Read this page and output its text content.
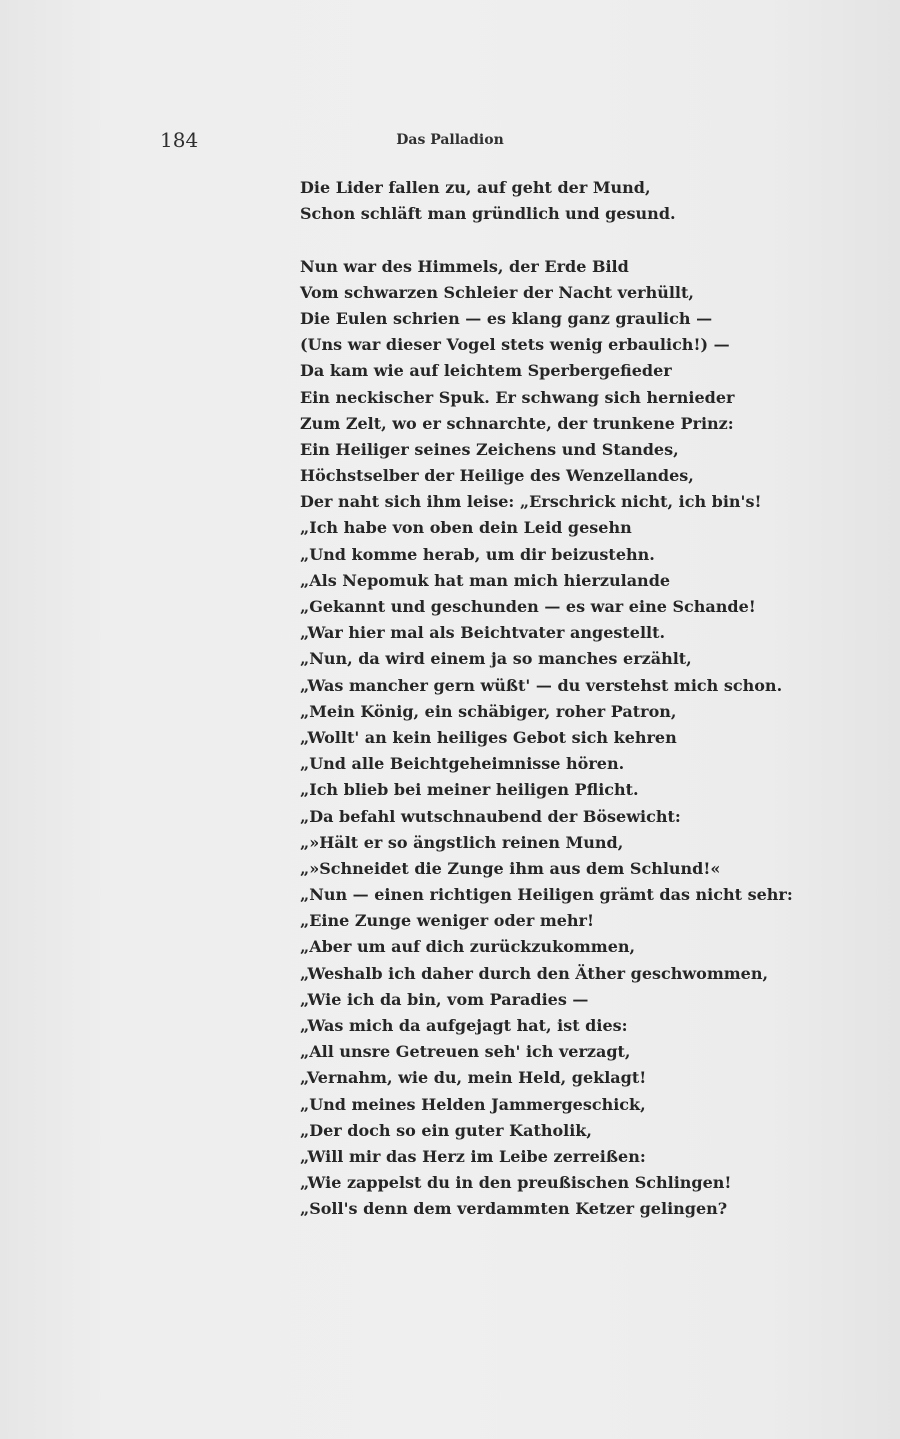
184	Das Palladion
Die Lider fallen zu, auf geht der Mund,
Schon schläft man gründlich und gesund.
Nun war des Himmels, der Erde Bild
Vom schwarzen Schleier der Nacht verhüllt,
Die Eulen schrien — es klang ganz graulich —
(Uns war dieser Vogel stets wenig erbaulich!) —
Da kam wie auf leichtem Sperbergefieder
Ein neckischer Spuk. Er schwang sich hernieder
Zum Zelt, wo er schnarchte, der trunkene Prinz:
Ein Heiliger seines Zeichens und Standes,
Höchstselber der Heilige des Wenzellandes,
Der naht sich ihm leise: „Erschrick nicht, ich bin's!
„Ich habe von oben dein Leid gesehn
„Und komme herab, um dir beizustehn.
„Als Nepomuk hat man mich hierzulande
„Gekannt und geschunden — es war eine Schande!
„War hier mal als Beichtvater angestellt.
„Nun, da wird einem ja so manches erzählt,
„Was mancher gern wüßt' — du verstehst mich schon.
„Mein König, ein schäbiger, roher Patron,
„Wollt' an kein heiliges Gebot sich kehren
„Und alle Beichtgeheimnisse hören.
„Ich blieb bei meiner heiligen Pflicht.
„Da befahl wutschnaubend der Bösewicht:
„»Hält er so ängstlich reinen Mund,
„»Schneidet die Zunge ihm aus dem Schlund!«
„Nun — einen richtigen Heiligen grämt das nicht sehr:
„Eine Zunge weniger oder mehr!
„Aber um auf dich zurückzukommen,
„Weshalb ich daher durch den Äther geschwommen,
„Wie ich da bin, vom Paradies —
„Was mich da aufgejagt hat, ist dies:
„All unsre Getreuen seh' ich verzagt,
„Vernahm, wie du, mein Held, geklagt!
„Und meines Helden Jammergeschick,
„Der doch so ein guter Katholik,
„Will mir das Herz im Leibe zerreißen:
„Wie zappelst du in den preußischen Schlingen!
„Soll's denn dem verdammten Ketzer gelingen?
